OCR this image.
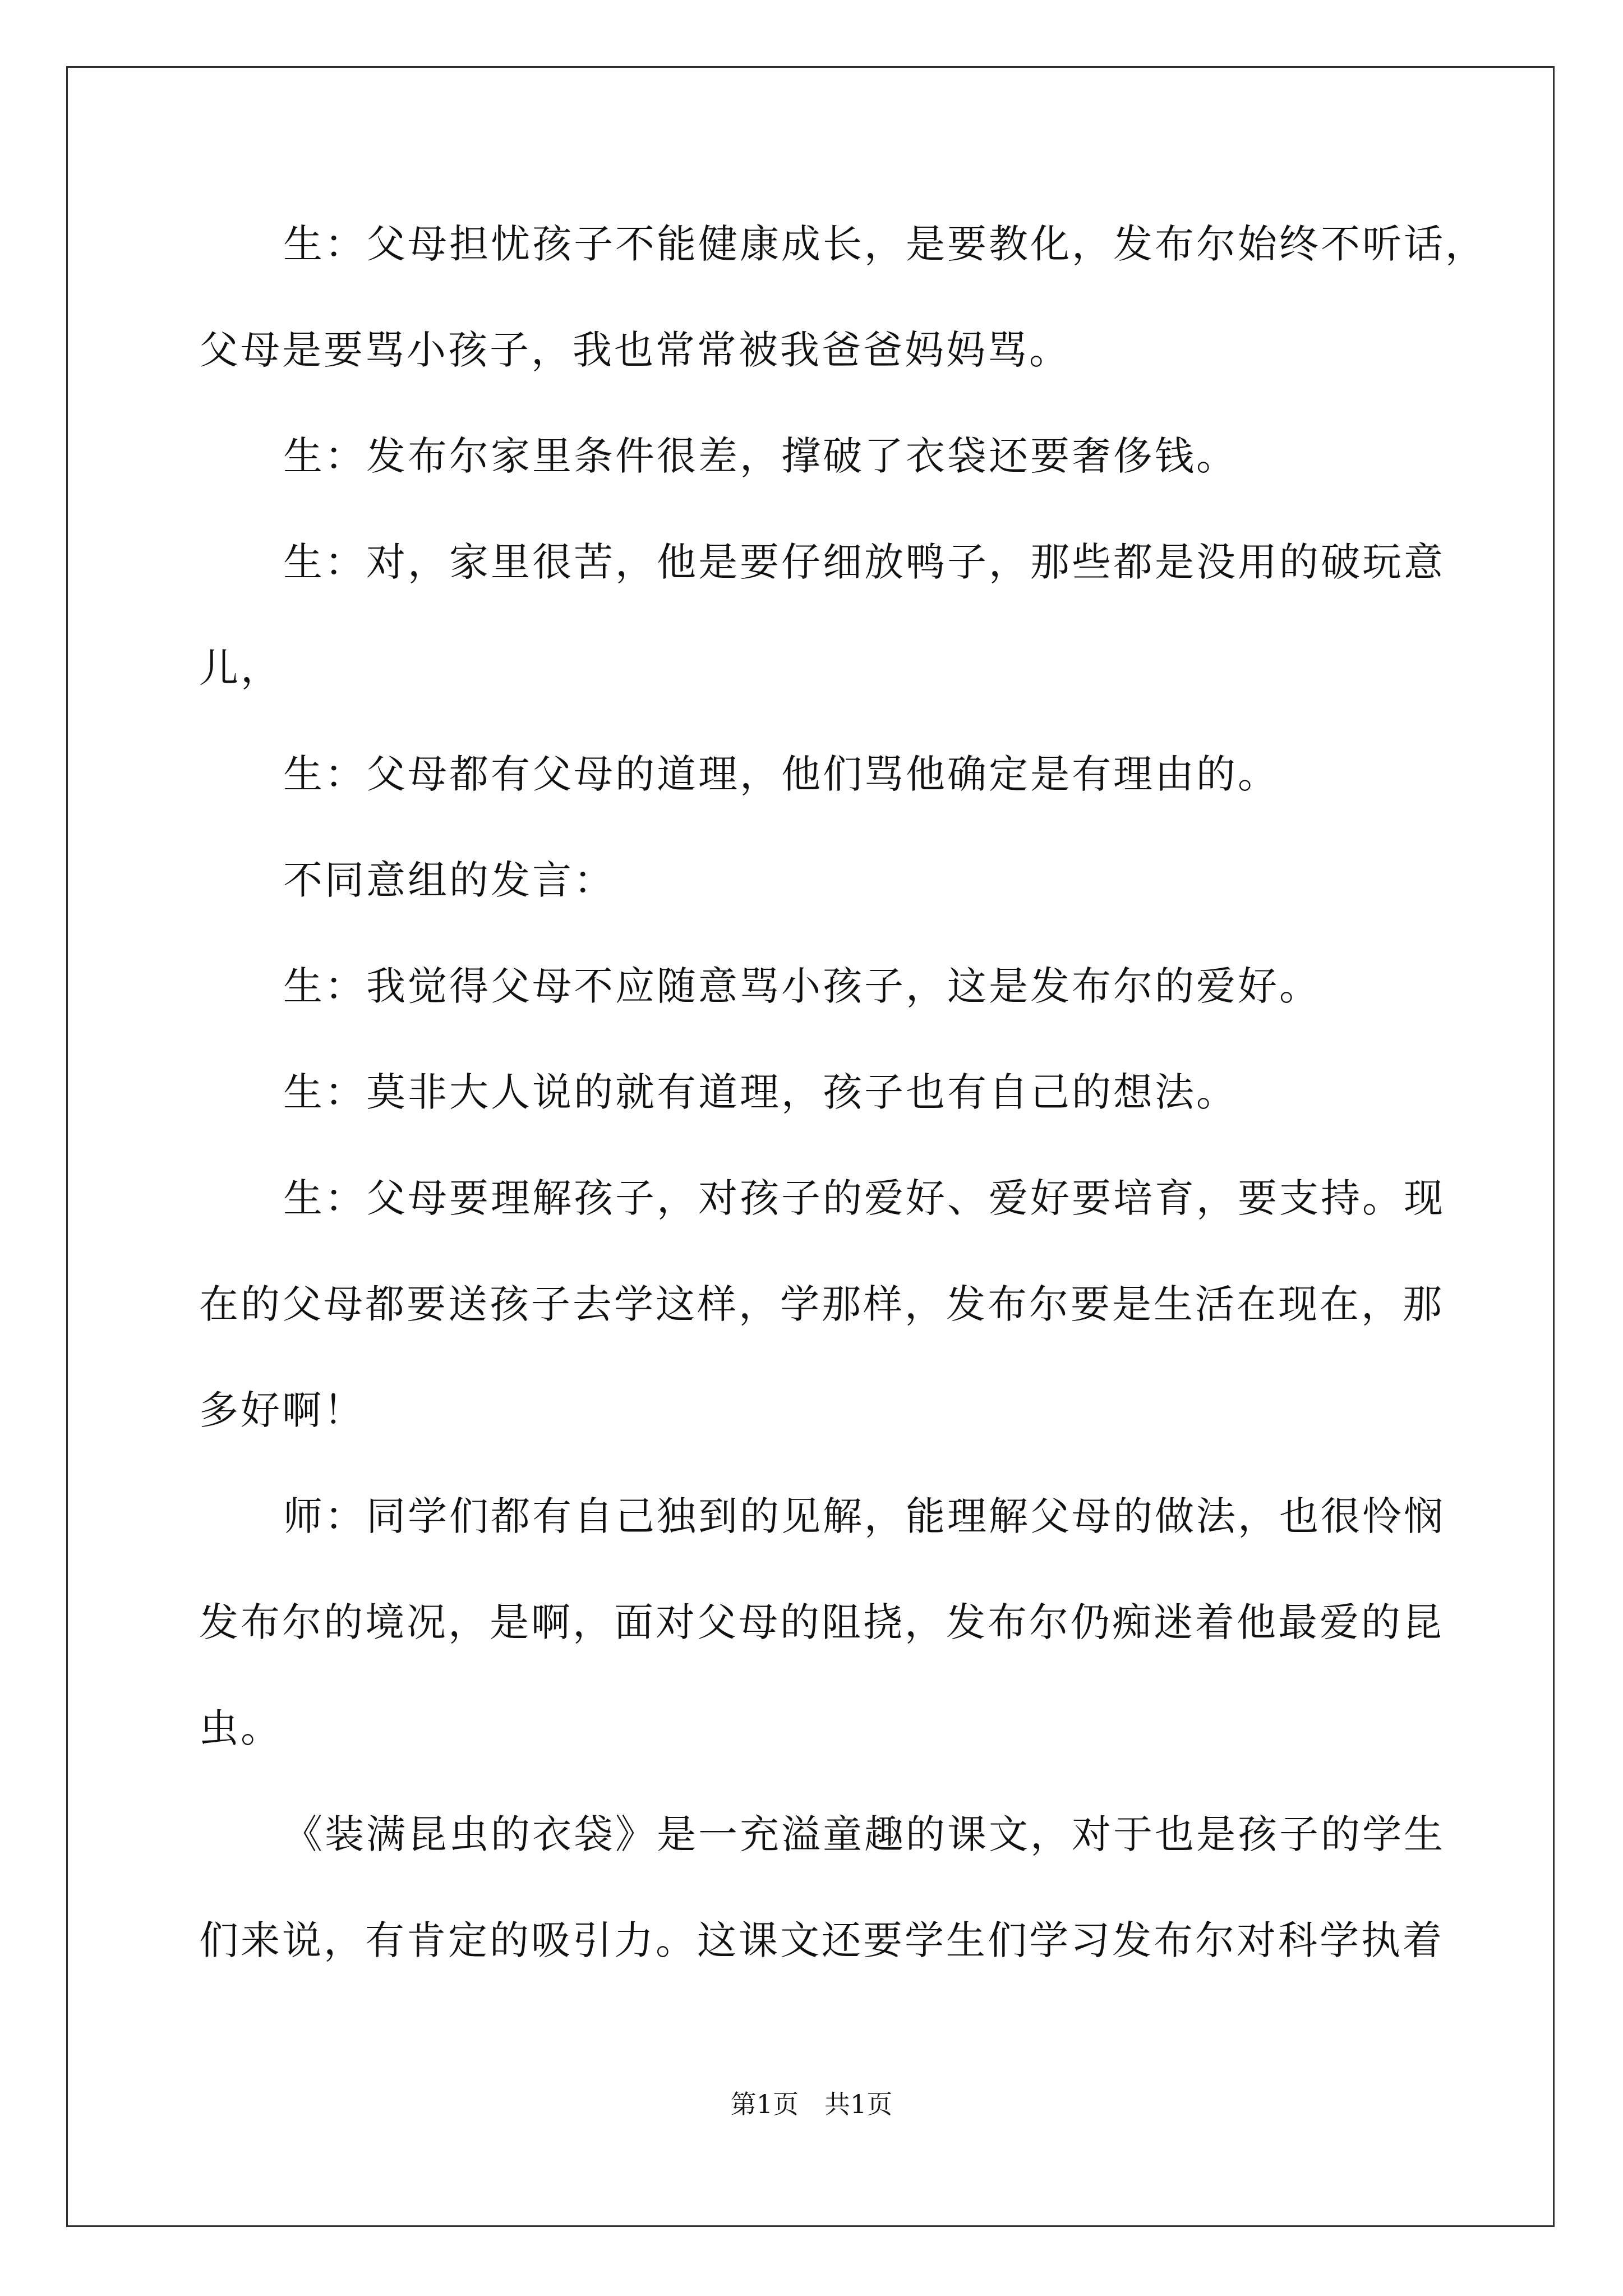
生：父母担忧孩子不能健康成长，是要教化，发布尔始终不听话，
父母是要骂小孩子，我也常常被我爸爸妈妈骂。
生：发布尔家里条件很差，撑破了衣袋还要奢侈钱。
生：对，家里很苦，他是要仔细放鸭子，那些都是没用的破玩意
儿，
生：父母都有父母的道理，他们骂他确定是有理由的。
不同意组的发言：
生：我觉得父母不应随意骂小孩子，这是发布尔的爱好。
生：莫非大人说的就有道理，孩子也有自己的想法。
生：父母要理解孩子，对孩子的爱好、爱好要培育，要支持。现
在的父母都要送孩子去学这样，学那样，发布尔要是生活在现在，那
多好啊！
师：同学们都有自己独到的见解，能理解父母的做法，也很怜悯
发布尔的境况，是啊，面对父母的阻挠，发布尔仍痴迷着他最爱的昆
虫。
《装满昆虫的衣袋》是一充溢童趣的课文，对于也是孩子的学生
们来说，有肯定的吸引力。这课文还要学生们学习发布尔对科学执着
第1页　共1页
